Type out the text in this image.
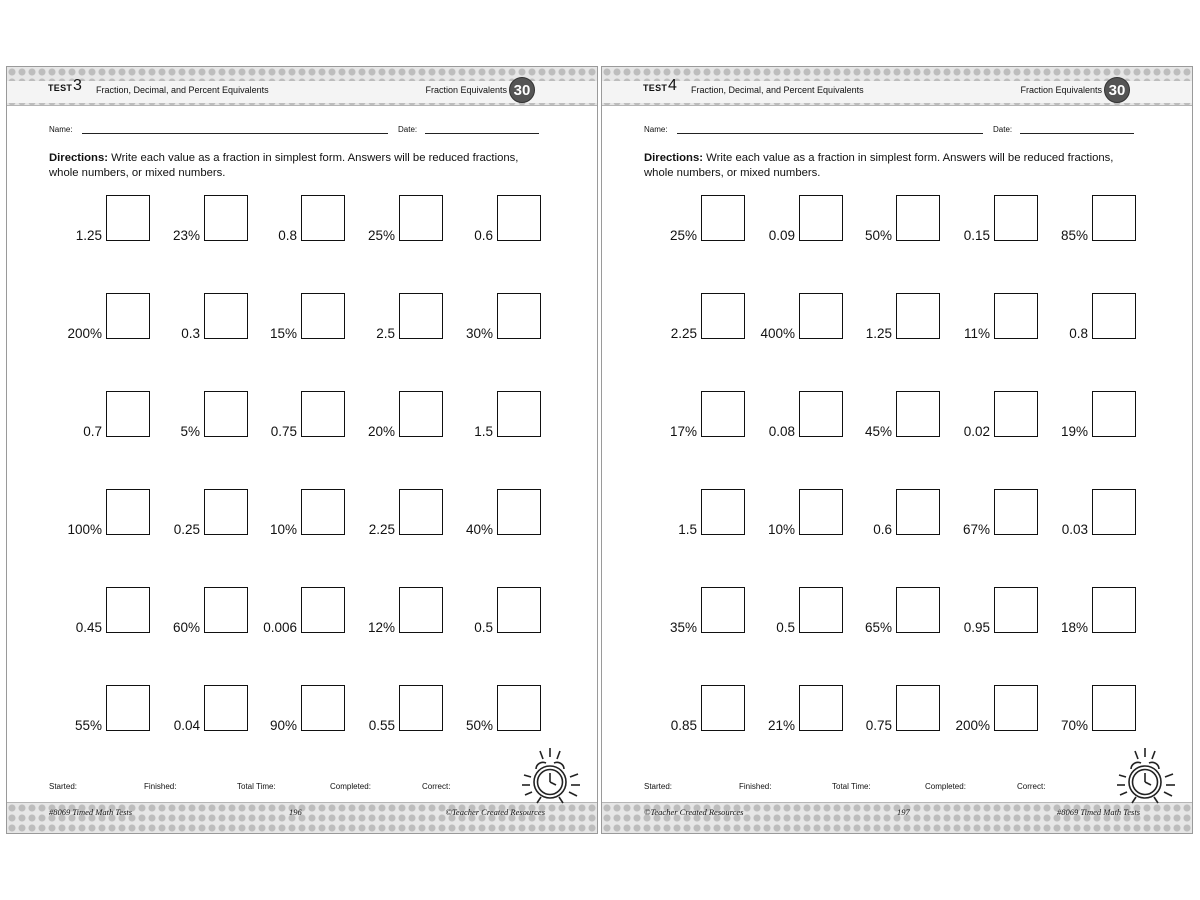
TEST 3 Fraction, Decimal, and Percent Equivalents	Fraction Equivalents 30
Name:	Date:
Directions: Write each value as a fraction in simplest form. Answers will be reduced fractions, whole numbers, or mixed numbers.
1.25	23%	0.8	25%	0.6
200%	0.3	15%	2.5	30%
0.7	5%	0.75	20%	1.5
100%	0.25	10%	2.25	40%
0.45	60%	0.006	12%	0.5
55%	0.04	90%	0.55	50%
Started:	Finished:	Total Time:	Completed:	Correct:
#8069 Timed Math Tests	196	©Teacher Created Resources
TEST 4 Fraction, Decimal, and Percent Equivalents	Fraction Equivalents 30
Name:	Date:
Directions: Write each value as a fraction in simplest form. Answers will be reduced fractions, whole numbers, or mixed numbers.
25%	0.09	50%	0.15	85%
2.25	400%	1.25	11%	0.8
17%	0.08	45%	0.02	19%
1.5	10%	0.6	67%	0.03
35%	0.5	65%	0.95	18%
0.85	21%	0.75	200%	70%
Started:	Finished:	Total Time:	Completed:	Correct:
©Teacher Created Resources	197	#8069 Timed Math Tests
